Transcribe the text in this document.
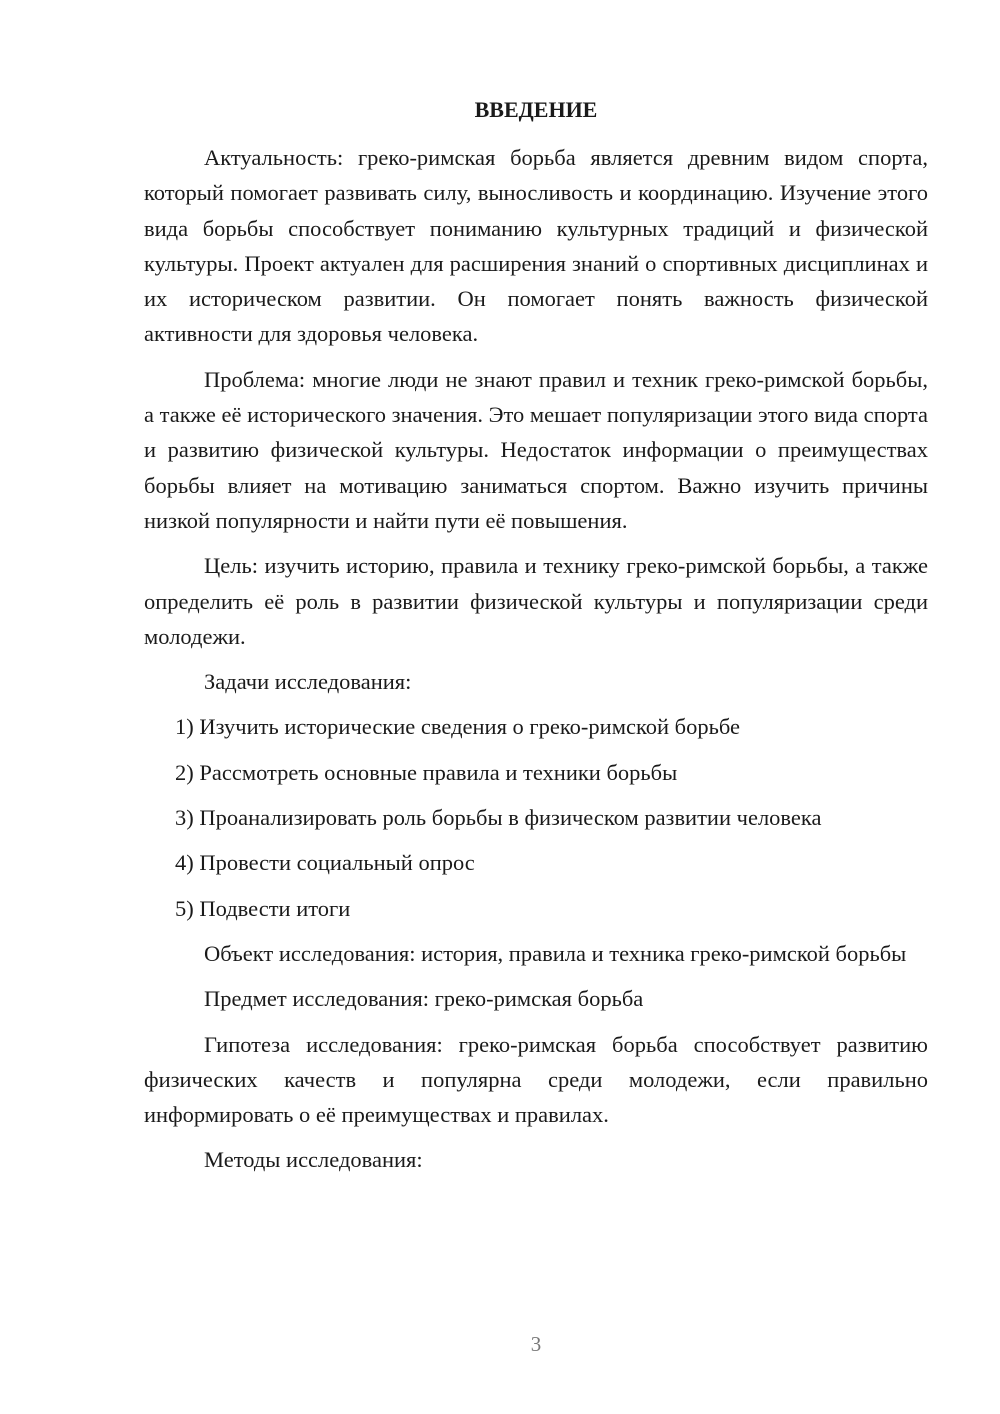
ВВЕДЕНИЕ

Актуальность: греко-римская борьба является древним видом спорта, который помогает развивать силу, выносливость и координацию. Изучение этого вида борьбы способствует пониманию культурных традиций и физической культуры. Проект актуален для расширения знаний о спортивных дисциплинах и их историческом развитии. Он помогает понять важность физической активности для здоровья человека.

Проблема: многие люди не знают правил и техник греко-римской борьбы, а также её исторического значения. Это мешает популяризации этого вида спорта и развитию физической культуры. Недостаток информации о преимуществах борьбы влияет на мотивацию заниматься спортом. Важно изучить причины низкой популярности и найти пути её повышения.

Цель: изучить историю, правила и технику греко-римской борьбы, а также определить её роль в развитии физической культуры и популяризации среди молодежи.

Задачи исследования:

1) Изучить исторические сведения о греко-римской борьбе
2) Рассмотреть основные правила и техники борьбы
3) Проанализировать роль борьбы в физическом развитии человека
4) Провести социальный опрос
5) Подвести итоги

Объект исследования: история, правила и техника греко-римской борьбы

Предмет исследования: греко-римская борьба

Гипотеза исследования: греко-римская борьба способствует развитию физических качеств и популярна среди молодежи, если правильно информировать о её преимуществах и правилах.

Методы исследования:

3
